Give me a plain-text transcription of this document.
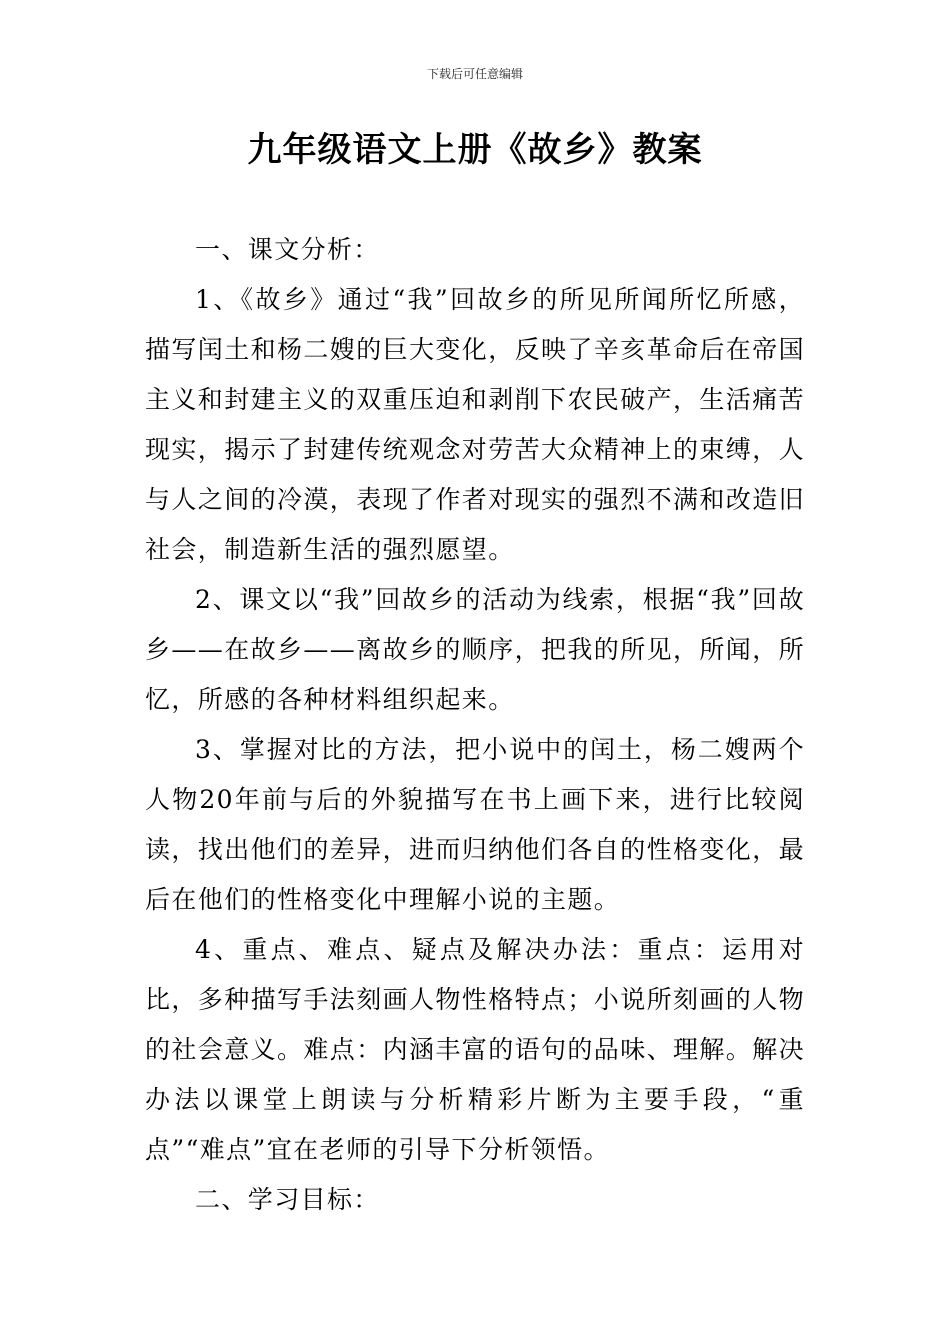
下载后可任意编辑
九年级语文上册《故乡》教案

一、课文分析：

1、《故乡》通过“我”回故乡的所见所闻所忆所感，描写闰土和杨二嫂的巨大变化，反映了辛亥革命后在帝国主义和封建主义的双重压迫和剥削下农民破产，生活痛苦现实，揭示了封建传统观念对劳苦大众精神上的束缚，人与人之间的冷漠，表现了作者对现实的强烈不满和改造旧社会，制造新生活的强烈愿望。

2、课文以“我”回故乡的活动为线索，根据“我”回故乡——在故乡——离故乡的顺序，把我的所见，所闻，所忆，所感的各种材料组织起来。

3、掌握对比的方法，把小说中的闰土，杨二嫂两个人物20年前与后的外貌描写在书上画下来，进行比较阅读，找出他们的差异，进而归纳他们各自的性格变化，最后在他们的性格变化中理解小说的主题。

4、重点、难点、疑点及解决办法：重点：运用对比，多种描写手法刻画人物性格特点；小说所刻画的人物的社会意义。难点：内涵丰富的语句的品味、理解。解决办法以课堂上朗读与分析精彩片断为主要手段，“重点”“难点”宜在老师的引导下分析领悟。

二、学习目标：
